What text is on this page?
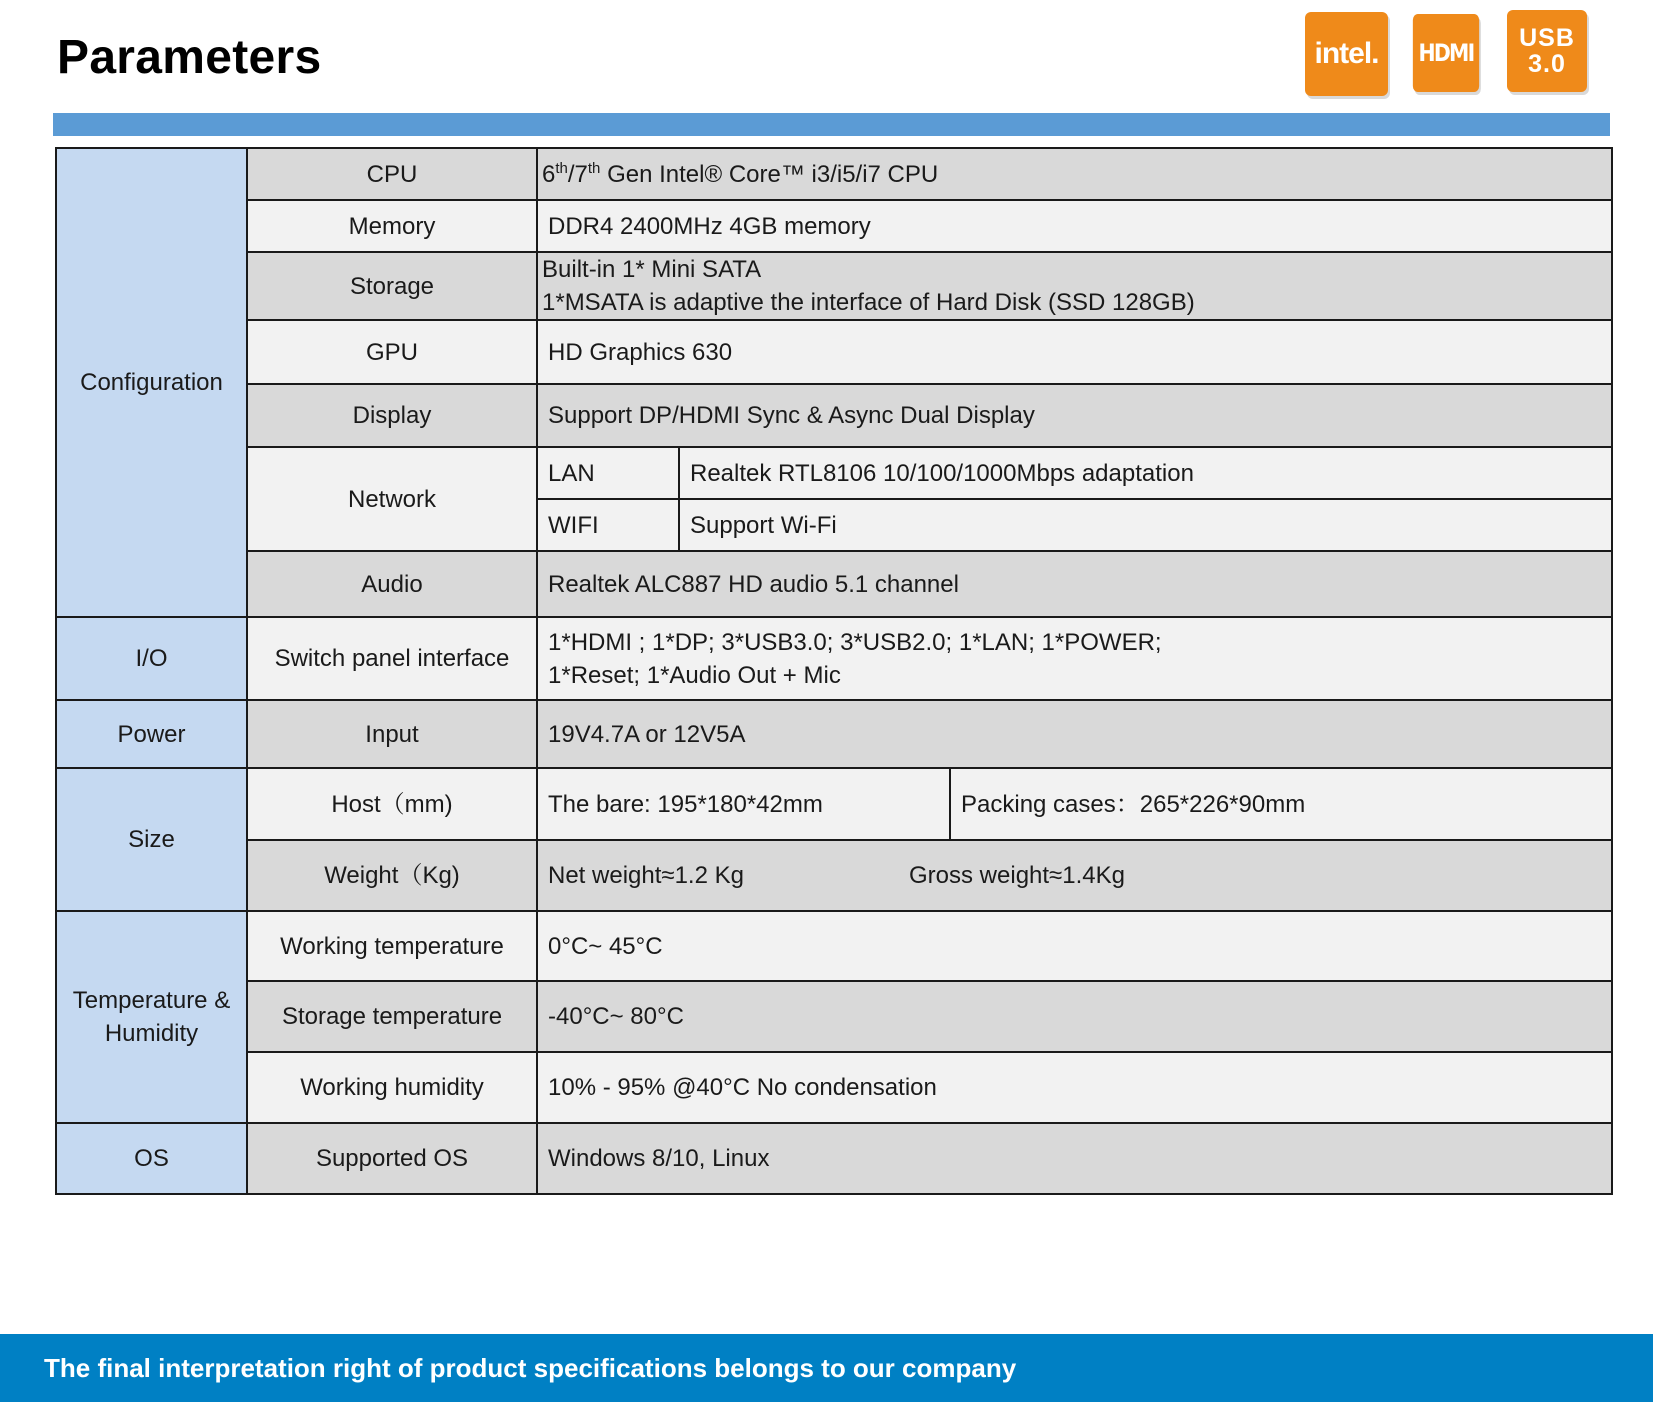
Parameters	intel. HDMI
USB
3.0
Configuration	CPU	6th/7th Gen Intel® Core™ i3/i5/i7 CPU		
	Memory	DDR4 2400MHz 4GB memory		
	Storage	Built-in 1* Mini SATA
1*MSATA is adaptive the interface of Hard Disk (SSD 128GB)		

	GPU	HD Graphics 630		
	Display	Support DP/HDMI Sync & Async Dual Display		
	Network	LAN	Realtek RTL8106 10/100/1000Mbps adaptation	
		WIFI	Support Wi-Fi	
	Audio	Realtek ALC887 HD audio 5.1 channel		
I/O	Switch panel interface	1*HDMI ; 1*DP; 3*USB3.0; 3*USB2.0; 1*LAN; 1*POWER;
1*Reset; 1*Audio Out + Mic		

Power	Input	19V4.7A or 12V5A		
Size	Host（mm)	The bare: 195*180*42mm		Packing cases：265*226*90mm
	Weight（Kg)	Net weight≈1.2 Kg Gross weight≈1.4Kg		

Temperature &
Humidity	Working temperature	0°C~ 45°C		
	Storage temperature	-40°C~ 80°C		
	Working humidity	10% - 95% @40°C No condensation		
OS	Supported OS	Windows 8/10, Linux		
The final interpretation right of product specifications belongs to our company
